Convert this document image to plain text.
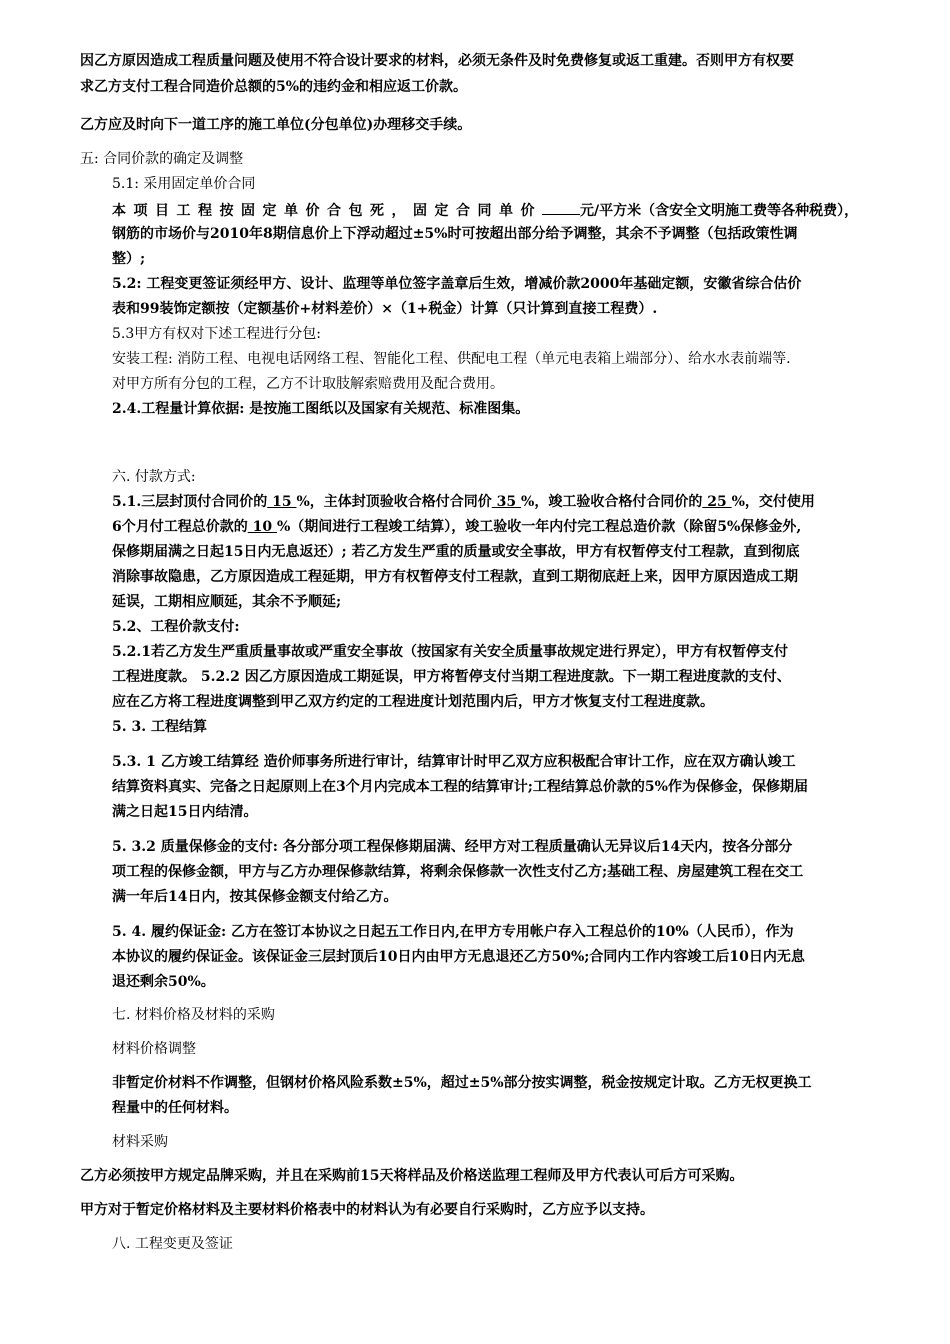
因乙方原因造成工程质量问题及使用不符合设计要求的材料，必须无条件及时免费修复或返工重建。否则甲方有权要
求乙方支付工程合同造价总额的5%的违约金和相应返工价款。
乙方应及时向下一道工序的施工单位(分包单位)办理移交手续。
五: 合同价款的确定及调整
5.1: 采用固定单价合同
本项目工程按固定单价合包死，固定合同单价	元/平方米（含安全文明施工费等各种税费），
钢筋的市场价与2010年8期信息价上下浮动超过±5%时可按超出部分给予调整，其余不予调整（包括政策性调
整）;
5.2: 工程变更签证须经甲方、设计、监理等单位签字盖章后生效，增减价款2000年基础定额，安徽省综合估价
表和99装饰定额按（定额基价+材料差价）×（1+税金）计算（只计算到直接工程费）.
5.3甲方有权对下述工程进行分包:
安装工程: 消防工程、电视电话网络工程、智能化工程、供配电工程（单元电表箱上端部分）、给水水表前端等.
对甲方所有分包的工程，乙方不计取肢解索赔费用及配合费用。
2.4.工程量计算依据: 是按施工图纸以及国家有关规范、标准图集。
六. 付款方式:
5.1.三层封顶付合同价的 15 %，主体封顶验收合格付合同价 35 %，竣工验收合格付合同价的 25 %，交付使用
6个月付工程总价款的 10 %（期间进行工程竣工结算），竣工验收一年内付完工程总造价款（除留5%保修金外,
保修期届满之日起15日内无息返还）; 若乙方发生严重的质量或安全事故，甲方有权暂停支付工程款，直到彻底
消除事故隐患，乙方原因造成工程延期，甲方有权暂停支付工程款，直到工期彻底赶上来，因甲方原因造成工期
延误，工期相应顺延，其余不予顺延;
5.2、工程价款支付:
5.2.1若乙方发生严重质量事故或严重安全事故（按国家有关安全质量事故规定进行界定），甲方有权暂停支付
工程进度款。 5.2.2 因乙方原因造成工期延误，甲方将暂停支付当期工程进度款。下一期工程进度款的支付、
应在乙方将工程进度调整到甲乙双方约定的工程进度计划范围内后，甲方才恢复支付工程进度款。
5. 3. 工程结算
5.3. 1 乙方竣工结算经 造价师事务所进行审计，结算审计时甲乙双方应积极配合审计工作，应在双方确认竣工
结算资料真实、完备之日起原则上在3个月内完成本工程的结算审计;工程结算总价款的5%作为保修金，保修期届
满之日起15日内结清。
5. 3.2 质量保修金的支付: 各分部分项工程保修期届满、经甲方对工程质量确认无异议后14天内，按各分部分
项工程的保修金额，甲方与乙方办理保修款结算，将剩余保修款一次性支付乙方;基础工程、房屋建筑工程在交工
满一年后14日内，按其保修金额支付给乙方。
5. 4. 履约保证金: 乙方在签订本协议之日起五工作日内,在甲方专用帐户存入工程总价的10%（人民币），作为
本协议的履约保证金。该保证金三层封顶后10日内由甲方无息退还乙方50%;合同内工作内容竣工后10日内无息
退还剩余50%。
七. 材料价格及材料的采购
材料价格调整
非暂定价材料不作调整，但钢材价格风险系数±5%，超过±5%部分按实调整，税金按规定计取。乙方无权更换工
程量中的任何材料。
材料采购
乙方必须按甲方规定品牌采购，并且在采购前15天将样品及价格送监理工程师及甲方代表认可后方可采购。
甲方对于暂定价格材料及主要材料价格表中的材料认为有必要自行采购时，乙方应予以支持。
八. 工程变更及签证
